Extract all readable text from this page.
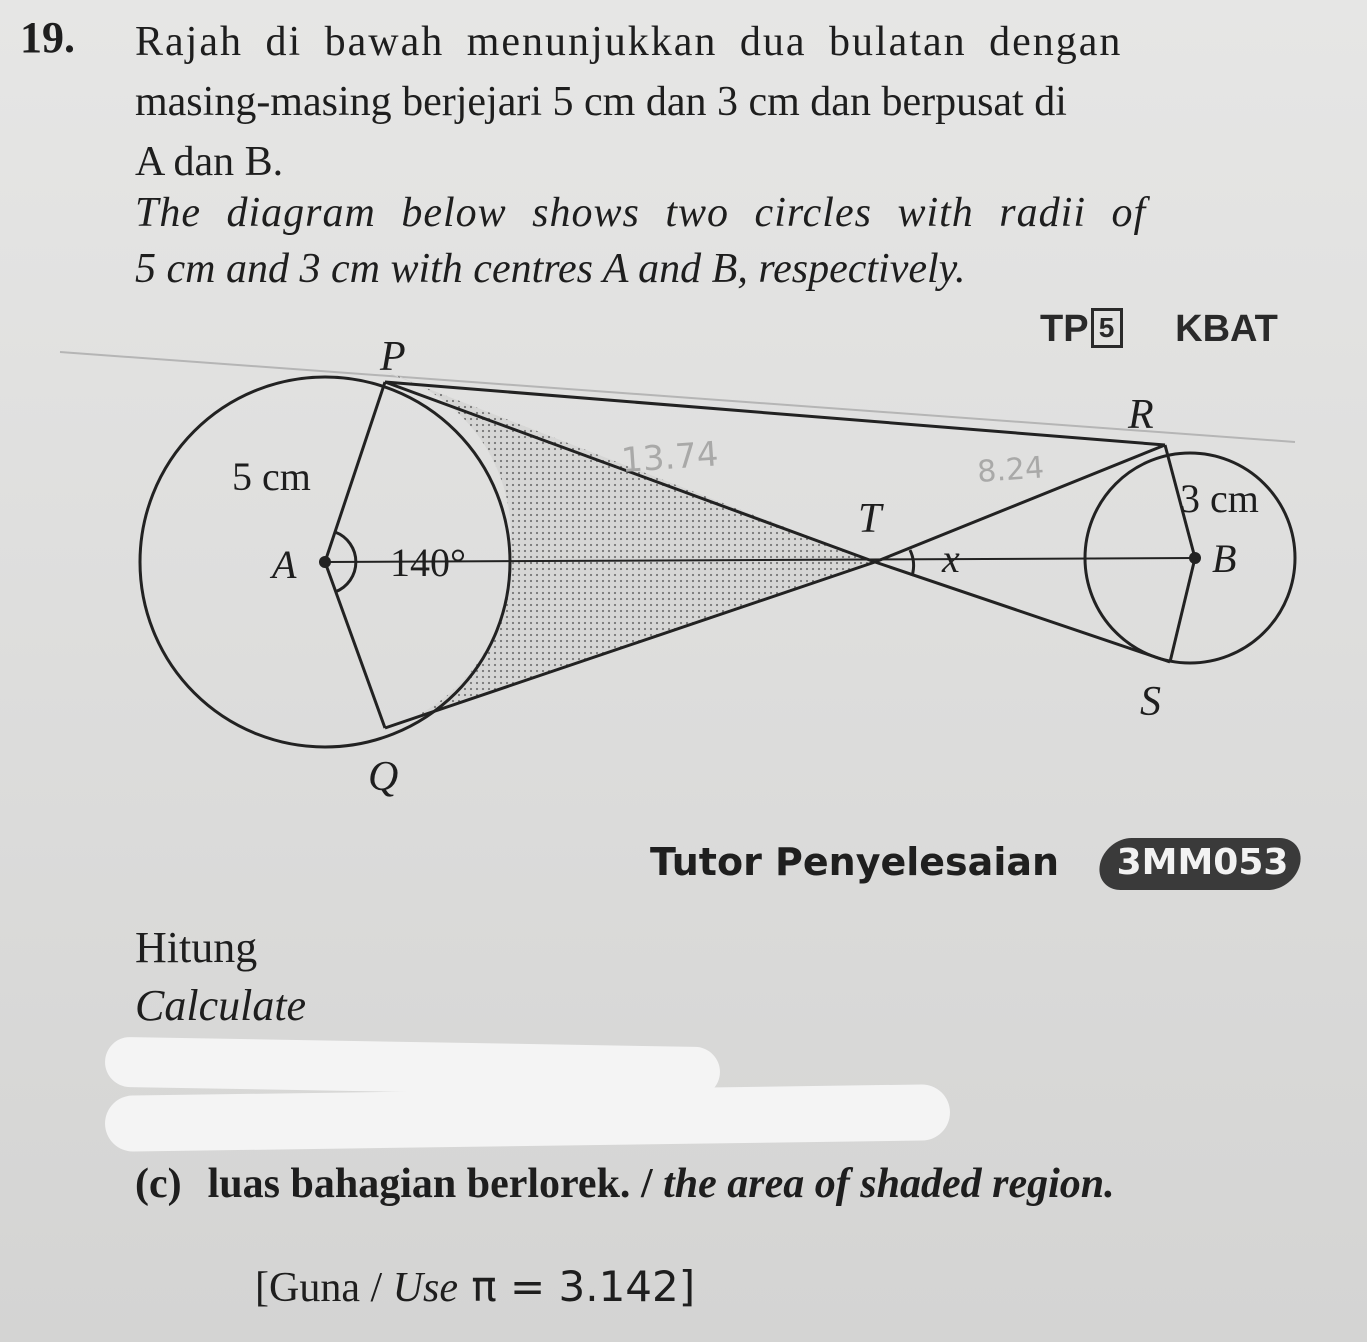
19. Rajah di bawah menunjukkan dua bulatan dengan
masing-masing berjejari 5 cm dan 3 cm dan berpusat di
A dan B.
The diagram below shows two circles with radii of
5 cm and 3 cm with centres A and B, respectively.
TP 5 KBAT
P
Q
R
S
T
A	B
x
5 cm	3 cm
140°
13.74	8.24
Tutor Penyelesaian 3MM053
Hitung
Calculate
(c) luas bahagian berlorek. / the area of shaded region.
[Guna / Use π = 3.142]
